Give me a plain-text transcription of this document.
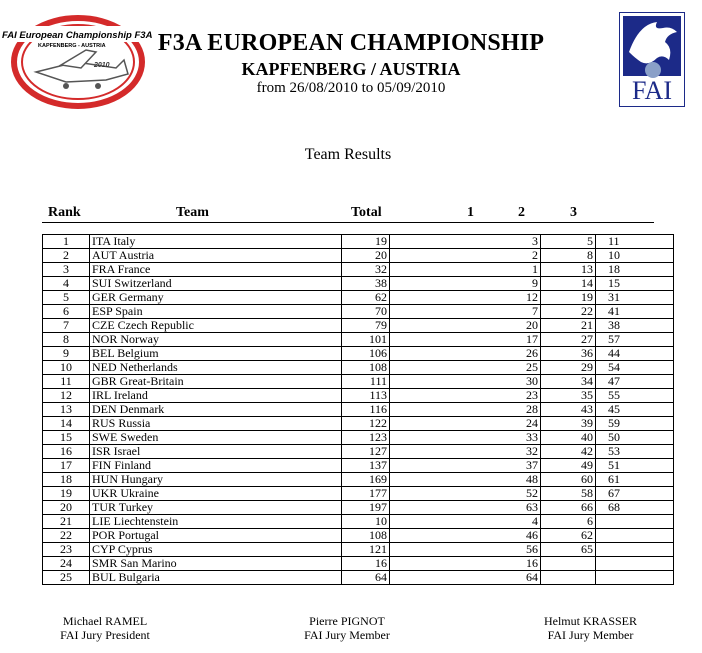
FAI European Championship F3A
KAPFENBERG - AUSTRIA
2010
FAI
F3A EUROPEAN CHAMPIONSHIP
KAPFENBERG / AUSTRIA
from 26/08/2010 to 05/09/2010
Team Results
Rank	Team	Total	1	2	3
1	ITA Italy	19	3	5	11
2	AUT Austria	20	2	8	10
3	FRA France	32	1	13	18
4	SUI Switzerland	38	9	14	15
5	GER Germany	62	12	19	31
6	ESP Spain	70	7	22	41
7	CZE Czech Republic	79	20	21	38
8	NOR Norway	101	17	27	57
9	BEL Belgium	106	26	36	44
10	NED Netherlands	108	25	29	54
11	GBR Great-Britain	111	30	34	47
12	IRL Ireland	113	23	35	55
13	DEN Denmark	116	28	43	45
14	RUS Russia	122	24	39	59
15	SWE Sweden	123	33	40	50
16	ISR Israel	127	32	42	53
17	FIN Finland	137	37	49	51
18	HUN Hungary	169	48	60	61
19	UKR Ukraine	177	52	58	67
20	TUR Turkey	197	63	66	68
21	LIE Liechtenstein	10	4	6	
22	POR Portugal	108	46	62	
23	CYP Cyprus	121	56	65	
24	SMR San Marino	16	16		
25	BUL Bulgaria	64	64		
Michael RAMEL
FAI Jury President
Pierre PIGNOT
FAI Jury Member
Helmut KRASSER
FAI Jury Member
